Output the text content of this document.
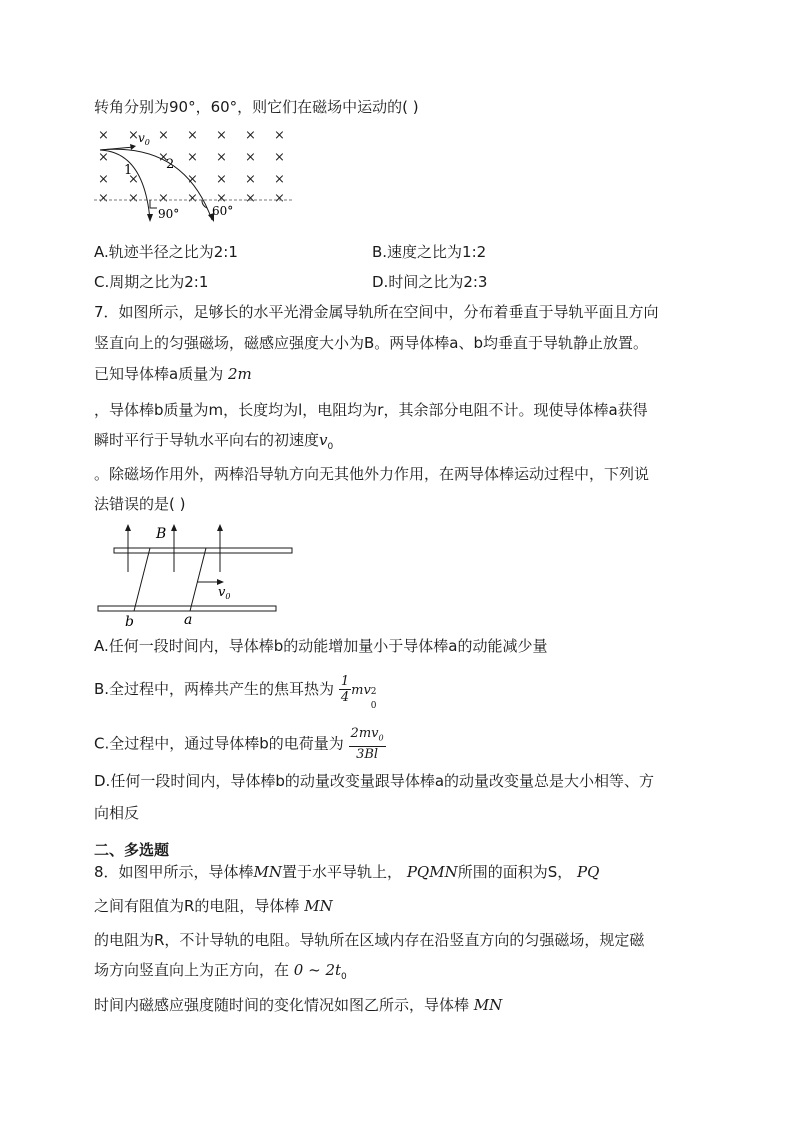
转角分别为90°，60°，则它们在磁场中运动的( )
× × × × × × ×
×	× × × × ×
× ×	× × × ×
× × × × × × ×
$v_0$
1	2
90°	60°
A.轨迹半径之比为2:1	B.速度之比为1:2
C.周期之比为2:1	D.时间之比为2:3
7．如图所示，足够长的水平光滑金属导轨所在空间中，分布着垂直于导轨平面且方向
竖直向上的匀强磁场，磁感应强度大小为B。两导体棒a、b均垂直于导轨静止放置。
已知导体棒a质量为 2m
，导体棒b质量为m，长度均为l，电阻均为r，其余部分电阻不计。现使导体棒a获得
瞬时平行于导轨水平向右的初速度$v_0$
。除磁场作用外，两棒沿导轨方向无其他外力作用，在两导体棒运动过程中，下列说
法错误的是( )
B
$v_0$
b	a
A.任何一段时间内，导体棒b的动能增加量小于导体棒a的动能减少量
B.全过程中，两棒共产生的焦耳热为 $\frac{1}{4}$ mv 2
0
C.全过程中，通过导体棒b的电荷量为 $\frac{2mv_0}{3Bl}$
D.任何一段时间内，导体棒b的动量改变量跟导体棒a的动量改变量总是大小相等、方
向相反
二、多选题
8．如图甲所示，导体棒MN置于水平导轨上， PQMN所围的面积为S， PQ
之间有阻值为R的电阻，导体棒 MN
的电阻为R，不计导轨的电阻。导轨所在区域内存在沿竖直方向的匀强磁场，规定磁
场方向竖直向上为正方向，在 0 ~ $2t_0$
时间内磁感应强度随时间的变化情况如图乙所示，导体棒 MN
